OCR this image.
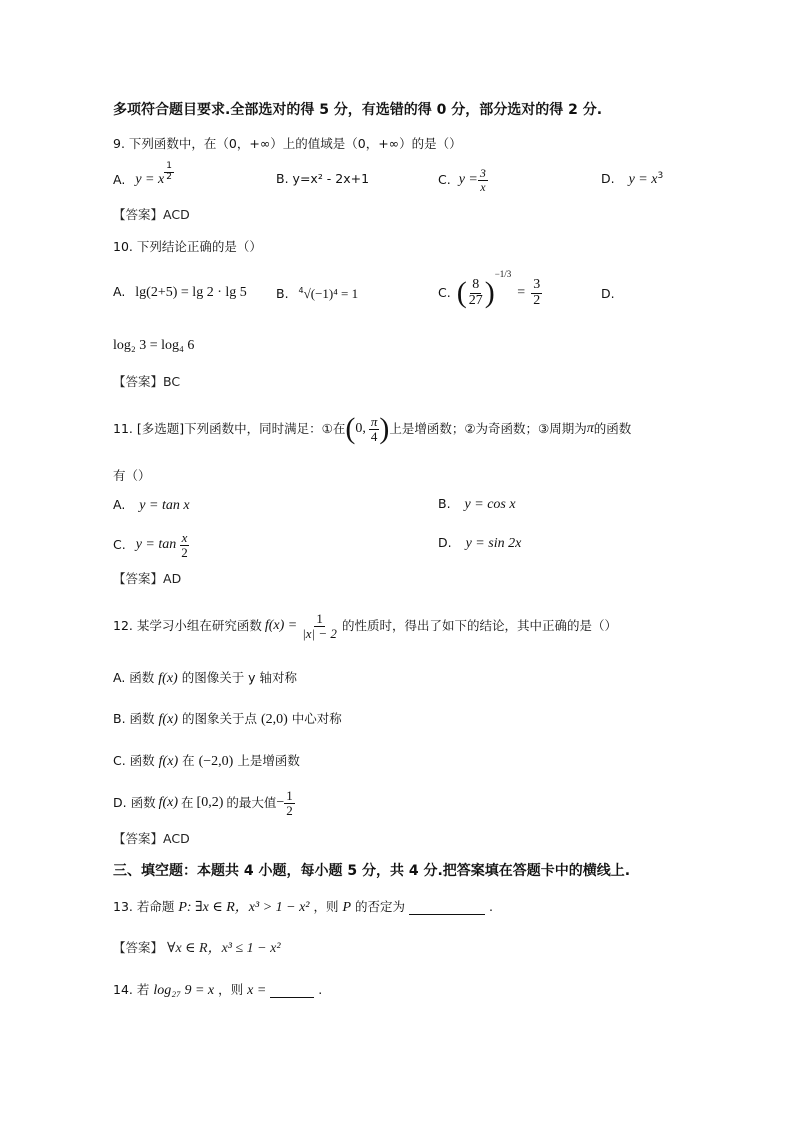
多项符合题目要求.全部选对的得 5 分，有选错的得 0 分，部分选对的得 2 分.
9. 下列函数中，在（0，+∞）上的值域是（0，+∞）的是（）
A. y = x $\frac{1}{2}$	B. y=x² - 2x+1	C. $y = \frac{3}{x}$	D. $y = x^3$
【答案】ACD
10. 下列结论正确的是（）
A. lg(2+5) = lg 2 · lg 5 B. $^4$√(−1)⁴ = 1	C. ( $\frac{8}{27}$ )
−1/3
= $\frac{3}{2}$	D.
log₂ 3 = log₄ 6
【答案】BC
11. [多选题]下列函数中，同时满足：①在 ( 0, $\frac{\pi}{4}$ ) 上是增函数；②为奇函数；③周期为 π 的函数
有（）
A. y = tan x	B. y = cos x
C. $y = \tan \frac{x}{2}$	D. y = sin 2x
【答案】AD
12. 某学习小组在研究函数 $f(x) = \frac{1}{|x| - 2}$ 的性质时，得出了如下的结论，其中正确的是（）
A. 函数 f(x) 的图像关于 y 轴对称
B. 函数 f(x) 的图象关于点 (2,0) 中心对称
C. 函数 f(x) 在 (−2,0) 上是增函数
D. 函数 f(x) 在 [0,2) 的最大值 − $\frac{1}{2}$
【答案】ACD
三、填空题：本题共 4 小题，每小题 5 分，共 4 分.把答案填在答题卡中的横线上.
13. 若命题 P: ∃x ∈ R，x³ > 1 − x² ，则 P 的否定为	.
【答案】 ∀x ∈ R，x³ ≤ 1 − x²
14. 若 log₂₇ 9 = x ，则 x =	.
